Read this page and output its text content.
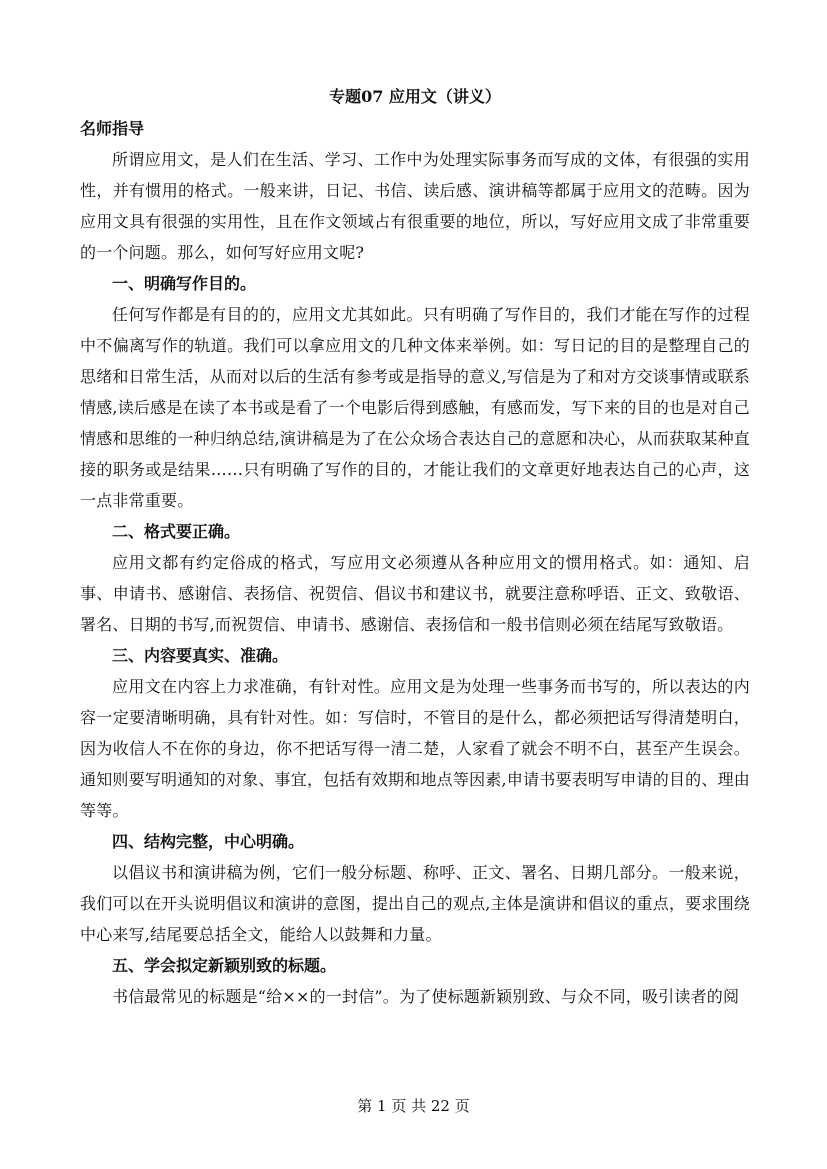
专题07 应用文（讲义）
名师指导

所谓应用文，是人们在生活、学习、工作中为处理实际事务而写成的文体，有很强的实用性，并有惯用的格式。一般来讲，日记、书信、读后感、演讲稿等都属于应用文的范畴。因为应用文具有很强的实用性，且在作文领域占有很重要的地位，所以，写好应用文成了非常重要的一个问题。那么，如何写好应用文呢?

一、明确写作目的。

任何写作都是有目的的，应用文尤其如此。只有明确了写作目的，我们才能在写作的过程中不偏离写作的轨道。我们可以拿应用文的几种文体来举例。如：写日记的目的是整理自己的思绪和日常生活，从而对以后的生活有参考或是指导的意义,写信是为了和对方交谈事情或联系情感,读后感是在读了本书或是看了一个电影后得到感触，有感而发，写下来的目的也是对自己情感和思维的一种归纳总结,演讲稿是为了在公众场合表达自己的意愿和决心，从而获取某种直接的职务或是结果……只有明确了写作的目的，才能让我们的文章更好地表达自己的心声，这一点非常重要。

二、格式要正确。

应用文都有约定俗成的格式，写应用文必须遵从各种应用文的惯用格式。如：通知、启事、申请书、感谢信、表扬信、祝贺信、倡议书和建议书，就要注意称呼语、正文、致敬语、署名、日期的书写,而祝贺信、申请书、感谢信、表扬信和一般书信则必须在结尾写致敬语。

三、内容要真实、准确。

应用文在内容上力求准确，有针对性。应用文是为处理一些事务而书写的，所以表达的内容一定要清晰明确，具有针对性。如：写信时，不管目的是什么，都必须把话写得清楚明白，因为收信人不在你的身边，你不把话写得一清二楚，人家看了就会不明不白，甚至产生误会。通知则要写明通知的对象、事宜，包括有效期和地点等因素,申请书要表明写申请的目的、理由等等。

四、结构完整，中心明确。

以倡议书和演讲稿为例，它们一般分标题、称呼、正文、署名、日期几部分。一般来说，我们可以在开头说明倡议和演讲的意图，提出自己的观点,主体是演讲和倡议的重点，要求围绕中心来写,结尾要总括全文，能给人以鼓舞和力量。

五、学会拟定新颖别致的标题。

书信最常见的标题是“给××的一封信”。为了使标题新颖别致、与众不同，吸引读者的阅

第 1 页 共 22 页
